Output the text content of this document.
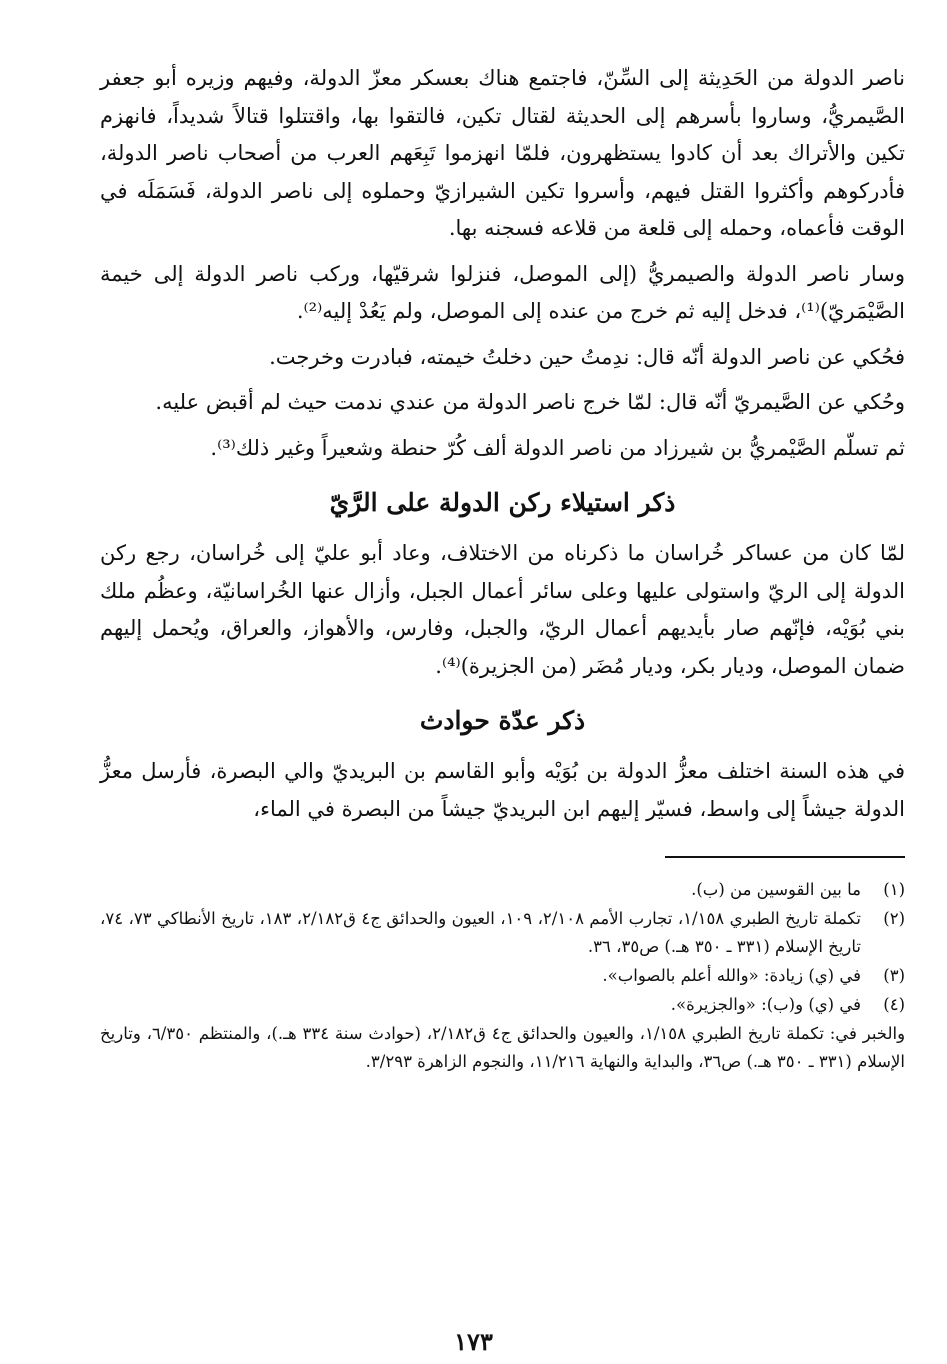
ناصر الدولة من الحَدِيثة إلى السِّنّ، فاجتمع هناك بعسكر معزّ الدولة، وفيهم وزيره أبو جعفر الصَّيمريُّ، وساروا بأسرهم إلى الحديثة لقتال تكين، فالتقوا بها، واقتتلوا قتالاً شديداً، فانهزم تكين والأتراك بعد أن كادوا يستظهرون، فلمّا انهزموا تَبِعَهم العرب من أصحاب ناصر الدولة، فأدركوهم وأكثروا القتل فيهم، وأسروا تكين الشيرازيّ وحملوه إلى ناصر الدولة، فَسَمَلَه في الوقت فأعماه، وحمله إلى قلعة من قلاعه فسجنه بها.

وسار ناصر الدولة والصيمريُّ (إلى الموصل، فنزلوا شرقيّها، وركب ناصر الدولة إلى خيمة الصَّيْمَريّ)⁽¹⁾، فدخل إليه ثم خرج من عنده إلى الموصل، ولم يَعُدْ إليه⁽²⁾.

فحُكي عن ناصر الدولة أنّه قال: ندِمتُ حين دخلتُ خيمته، فبادرت وخرجت.

وحُكي عن الصَّيمريّ أنّه قال: لمّا خرج ناصر الدولة من عندي ندمت حيث لم أقبض عليه.

ثم تسلّم الصَّيْمريُّ بن شيرزاد من ناصر الدولة ألف كُرّ حنطة وشعيراً وغير ذلك⁽³⁾.

ذكر استيلاء ركن الدولة على الرَّيّ

لمّا كان من عساكر خُراسان ما ذكرناه من الاختلاف، وعاد أبو عليّ إلى خُراسان، رجع ركن الدولة إلى الريّ واستولى عليها وعلى سائر أعمال الجبل، وأزال عنها الخُراسانيّة، وعظُم ملك بني بُوَيْه، فإنّهم صار بأيديهم أعمال الريّ، والجبل، وفارس، والأهواز، والعراق، ويُحمل إليهم ضمان الموصل، وديار بكر، وديار مُضَر (من الجزيرة)⁽⁴⁾.

ذكر عدّة حوادث

في هذه السنة اختلف معزُّ الدولة بن بُوَيْه وأبو القاسم بن البريديّ والي البصرة، فأرسل معزُّ الدولة جيشاً إلى واسط، فسيّر إليهم ابن البريديّ جيشاً من البصرة في الماء،

(١)
ما بين القوسين من (ب).
(٢)
تكملة تاريخ الطبري ١/١٥٨، تجارب الأمم ٢/١٠٨، ١٠٩، العيون والحدائق ج٤ ق٢/١٨٢، ١٨٣، تاريخ الأنطاكي ٧٣، ٧٤، تاريخ الإسلام (٣٣١ ـ ٣٥٠ هـ.) ص٣٥، ٣٦.
(٣)
في (ي) زيادة: «والله أعلم بالصواب».
(٤)
في (ي) و(ب): «والجزيرة».
والخبر في: تكملة تاريخ الطبري ١/١٥٨، والعيون والحدائق ج٤ ق٢/١٨٢، (حوادث سنة ٣٣٤ هـ.)، والمنتظم ٦/٣٥٠، وتاريخ الإسلام (٣٣١ ـ ٣٥٠ هـ.) ص٣٦، والبداية والنهاية ١١/٢١٦، والنجوم الزاهرة ٣/٢٩٣.
١٧٣
